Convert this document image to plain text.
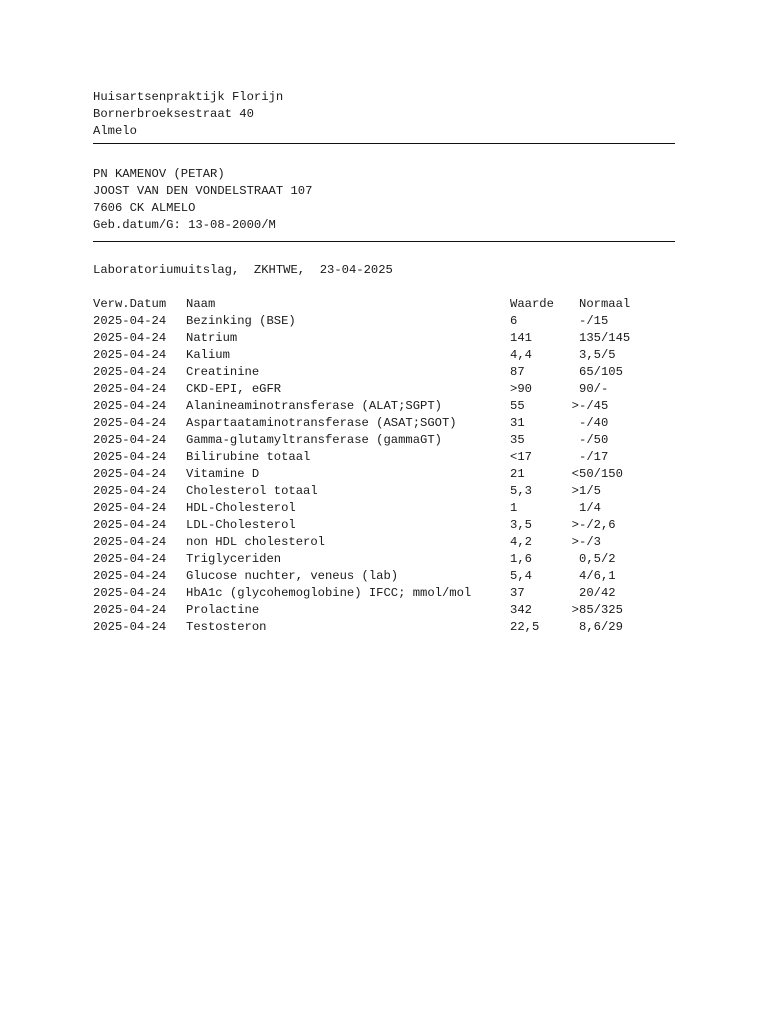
Huisartsenpraktijk Florijn
Bornerbroeksestraat 40
Almelo
PN KAMENOV (PETAR)
JOOST VAN DEN VONDELSTRAAT 107
7606 CK ALMELO
Geb.datum/G: 13-08-2000/M
Laboratoriumuitslag,  ZKHTWE,  23-04-2025
Verw.Datum	Naam	Waarde	Normaal
2025-04-24	Bezinking (BSE)	6	-/15
2025-04-24	Natrium	141	135/145
2025-04-24	Kalium	4,4	3,5/5
2025-04-24	Creatinine	87	65/105
2025-04-24	CKD-EPI, eGFR	>90	90/-
2025-04-24	Alanineaminotransferase (ALAT;SGPT)	55	> -/45
2025-04-24	Aspartaataminotransferase (ASAT;SGOT)	31	-/40
2025-04-24	Gamma-glutamyltransferase (gammaGT)	35	-/50
2025-04-24	Bilirubine totaal	<17	-/17
2025-04-24	Vitamine D	21	< 50/150
2025-04-24	Cholesterol totaal	5,3	> 1/5
2025-04-24	HDL-Cholesterol	1	1/4
2025-04-24	LDL-Cholesterol	3,5	> -/2,6
2025-04-24	non HDL cholesterol	4,2	> -/3
2025-04-24	Triglyceriden	1,6	0,5/2
2025-04-24	Glucose nuchter, veneus (lab)	5,4	4/6,1
2025-04-24	HbA1c (glycohemoglobine) IFCC; mmol/mol	37	20/42
2025-04-24	Prolactine	342	> 85/325
2025-04-24	Testosteron	22,5	8,6/29
